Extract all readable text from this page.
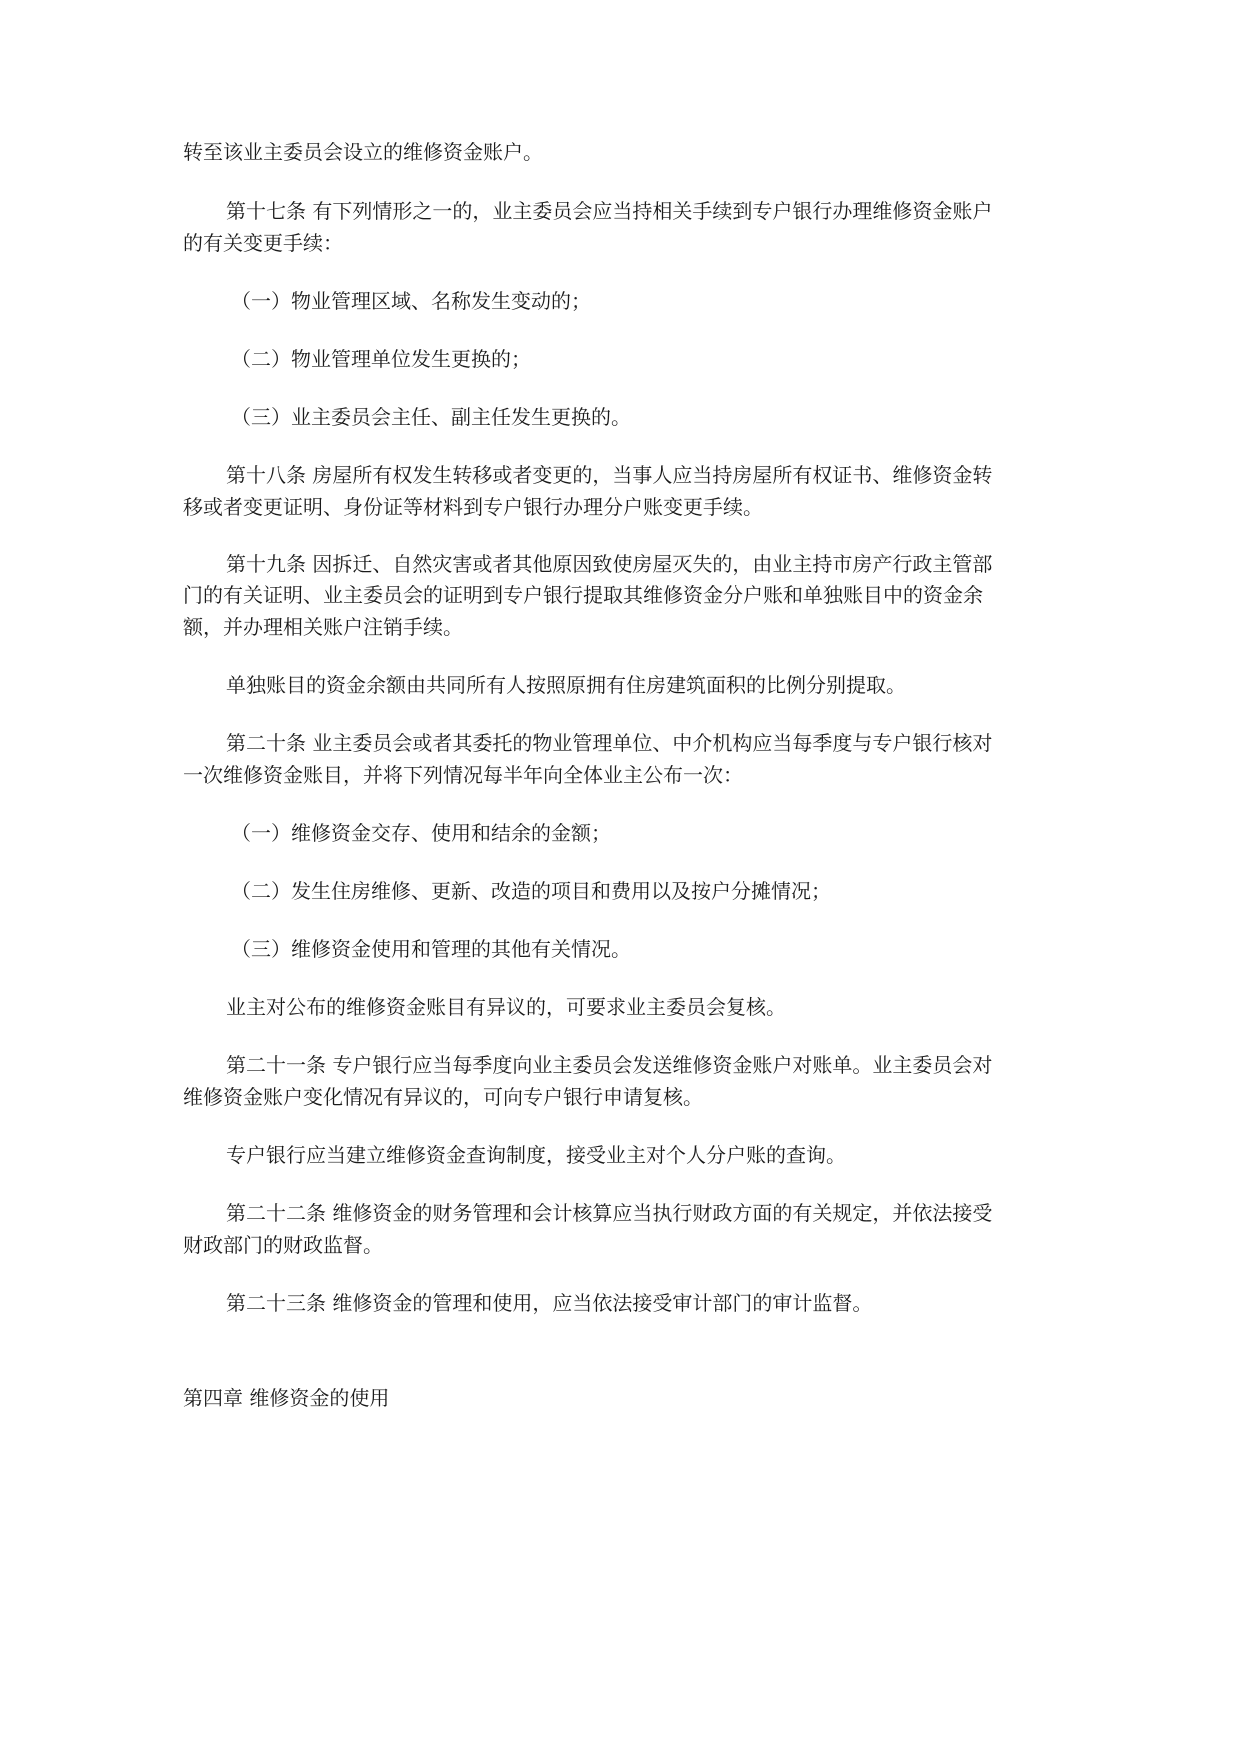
转至该业主委员会设立的维修资金账户。
第十七条 有下列情形之一的，业主委员会应当持相关手续到专户银行办理维修资金账户
的有关变更手续：
（一）物业管理区域、名称发生变动的；
（二）物业管理单位发生更换的；
（三）业主委员会主任、副主任发生更换的。
第十八条 房屋所有权发生转移或者变更的，当事人应当持房屋所有权证书、维修资金转
移或者变更证明、身份证等材料到专户银行办理分户账变更手续。
第十九条 因拆迁、自然灾害或者其他原因致使房屋灭失的，由业主持市房产行政主管部
门的有关证明、业主委员会的证明到专户银行提取其维修资金分户账和单独账目中的资金余
额，并办理相关账户注销手续。
单独账目的资金余额由共同所有人按照原拥有住房建筑面积的比例分别提取。
第二十条 业主委员会或者其委托的物业管理单位、中介机构应当每季度与专户银行核对
一次维修资金账目，并将下列情况每半年向全体业主公布一次：
（一）维修资金交存、使用和结余的金额；
（二）发生住房维修、更新、改造的项目和费用以及按户分摊情况；
（三）维修资金使用和管理的其他有关情况。
业主对公布的维修资金账目有异议的，可要求业主委员会复核。
第二十一条 专户银行应当每季度向业主委员会发送维修资金账户对账单。业主委员会对
维修资金账户变化情况有异议的，可向专户银行申请复核。
专户银行应当建立维修资金查询制度，接受业主对个人分户账的查询。
第二十二条 维修资金的财务管理和会计核算应当执行财政方面的有关规定，并依法接受
财政部门的财政监督。
第二十三条 维修资金的管理和使用，应当依法接受审计部门的审计监督。
第四章 维修资金的使用
